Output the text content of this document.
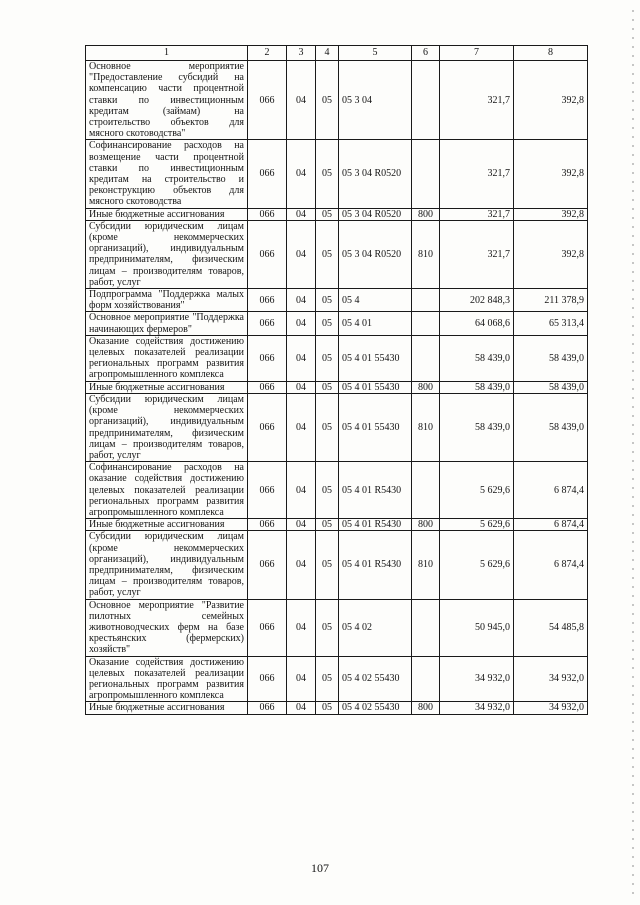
1	2	3	4	5	6	7	8
Основное мероприятие "Предоставление субсидий на компенсацию части процентной ставки по инвестиционным кредитам (займам) на строительство объектов для мясного скотоводства"	066	04	05	05 3 04		321,7	392,8
Софинансирование расходов на возмещение части процентной ставки по инвестиционным кредитам на строительство и реконструкцию объектов для мясного скотоводства	066	04	05	05 3 04 R0520		321,7	392,8
Иные бюджетные ассигнования	066	04	05	05 3 04 R0520	800	321,7	392,8
Субсидии юридическим лицам (кроме некоммерческих организаций), индивидуальным предпринимателям, физическим лицам – производителям товаров, работ, услуг	066	04	05	05 3 04 R0520	810	321,7	392,8
Подпрограмма "Поддержка малых форм хозяйствования"	066	04	05	05 4		202 848,3	211 378,9
Основное мероприятие "Поддержка начинающих фермеров"	066	04	05	05 4 01		64 068,6	65 313,4
Оказание содействия достижению целевых показателей реализации региональных программ развития агропромышленного комплекса	066	04	05	05 4 01 55430		58 439,0	58 439,0
Иные бюджетные ассигнования	066	04	05	05 4 01 55430	800	58 439,0	58 439,0
Субсидии юридическим лицам (кроме некоммерческих организаций), индивидуальным предпринимателям, физическим лицам – производителям товаров, работ, услуг	066	04	05	05 4 01 55430	810	58 439,0	58 439,0
Софинансирование расходов на оказание содействия достижению целевых показателей реализации региональных программ развития агропромышленного комплекса	066	04	05	05 4 01 R5430		5 629,6	6 874,4
Иные бюджетные ассигнования	066	04	05	05 4 01 R5430	800	5 629,6	6 874,4
Субсидии юридическим лицам (кроме некоммерческих организаций), индивидуальным предпринимателям, физическим лицам – производителям товаров, работ, услуг	066	04	05	05 4 01 R5430	810	5 629,6	6 874,4
Основное мероприятие "Развитие пилотных семейных животноводческих ферм на базе крестьянских (фермерских) хозяйств"	066	04	05	05 4 02		50 945,0	54 485,8
Оказание содействия достижению целевых показателей реализации региональных программ развития агропромышленного комплекса	066	04	05	05 4 02 55430		34 932,0	34 932,0
Иные бюджетные ассигнования	066	04	05	05 4 02 55430	800	34 932,0	34 932,0
107
